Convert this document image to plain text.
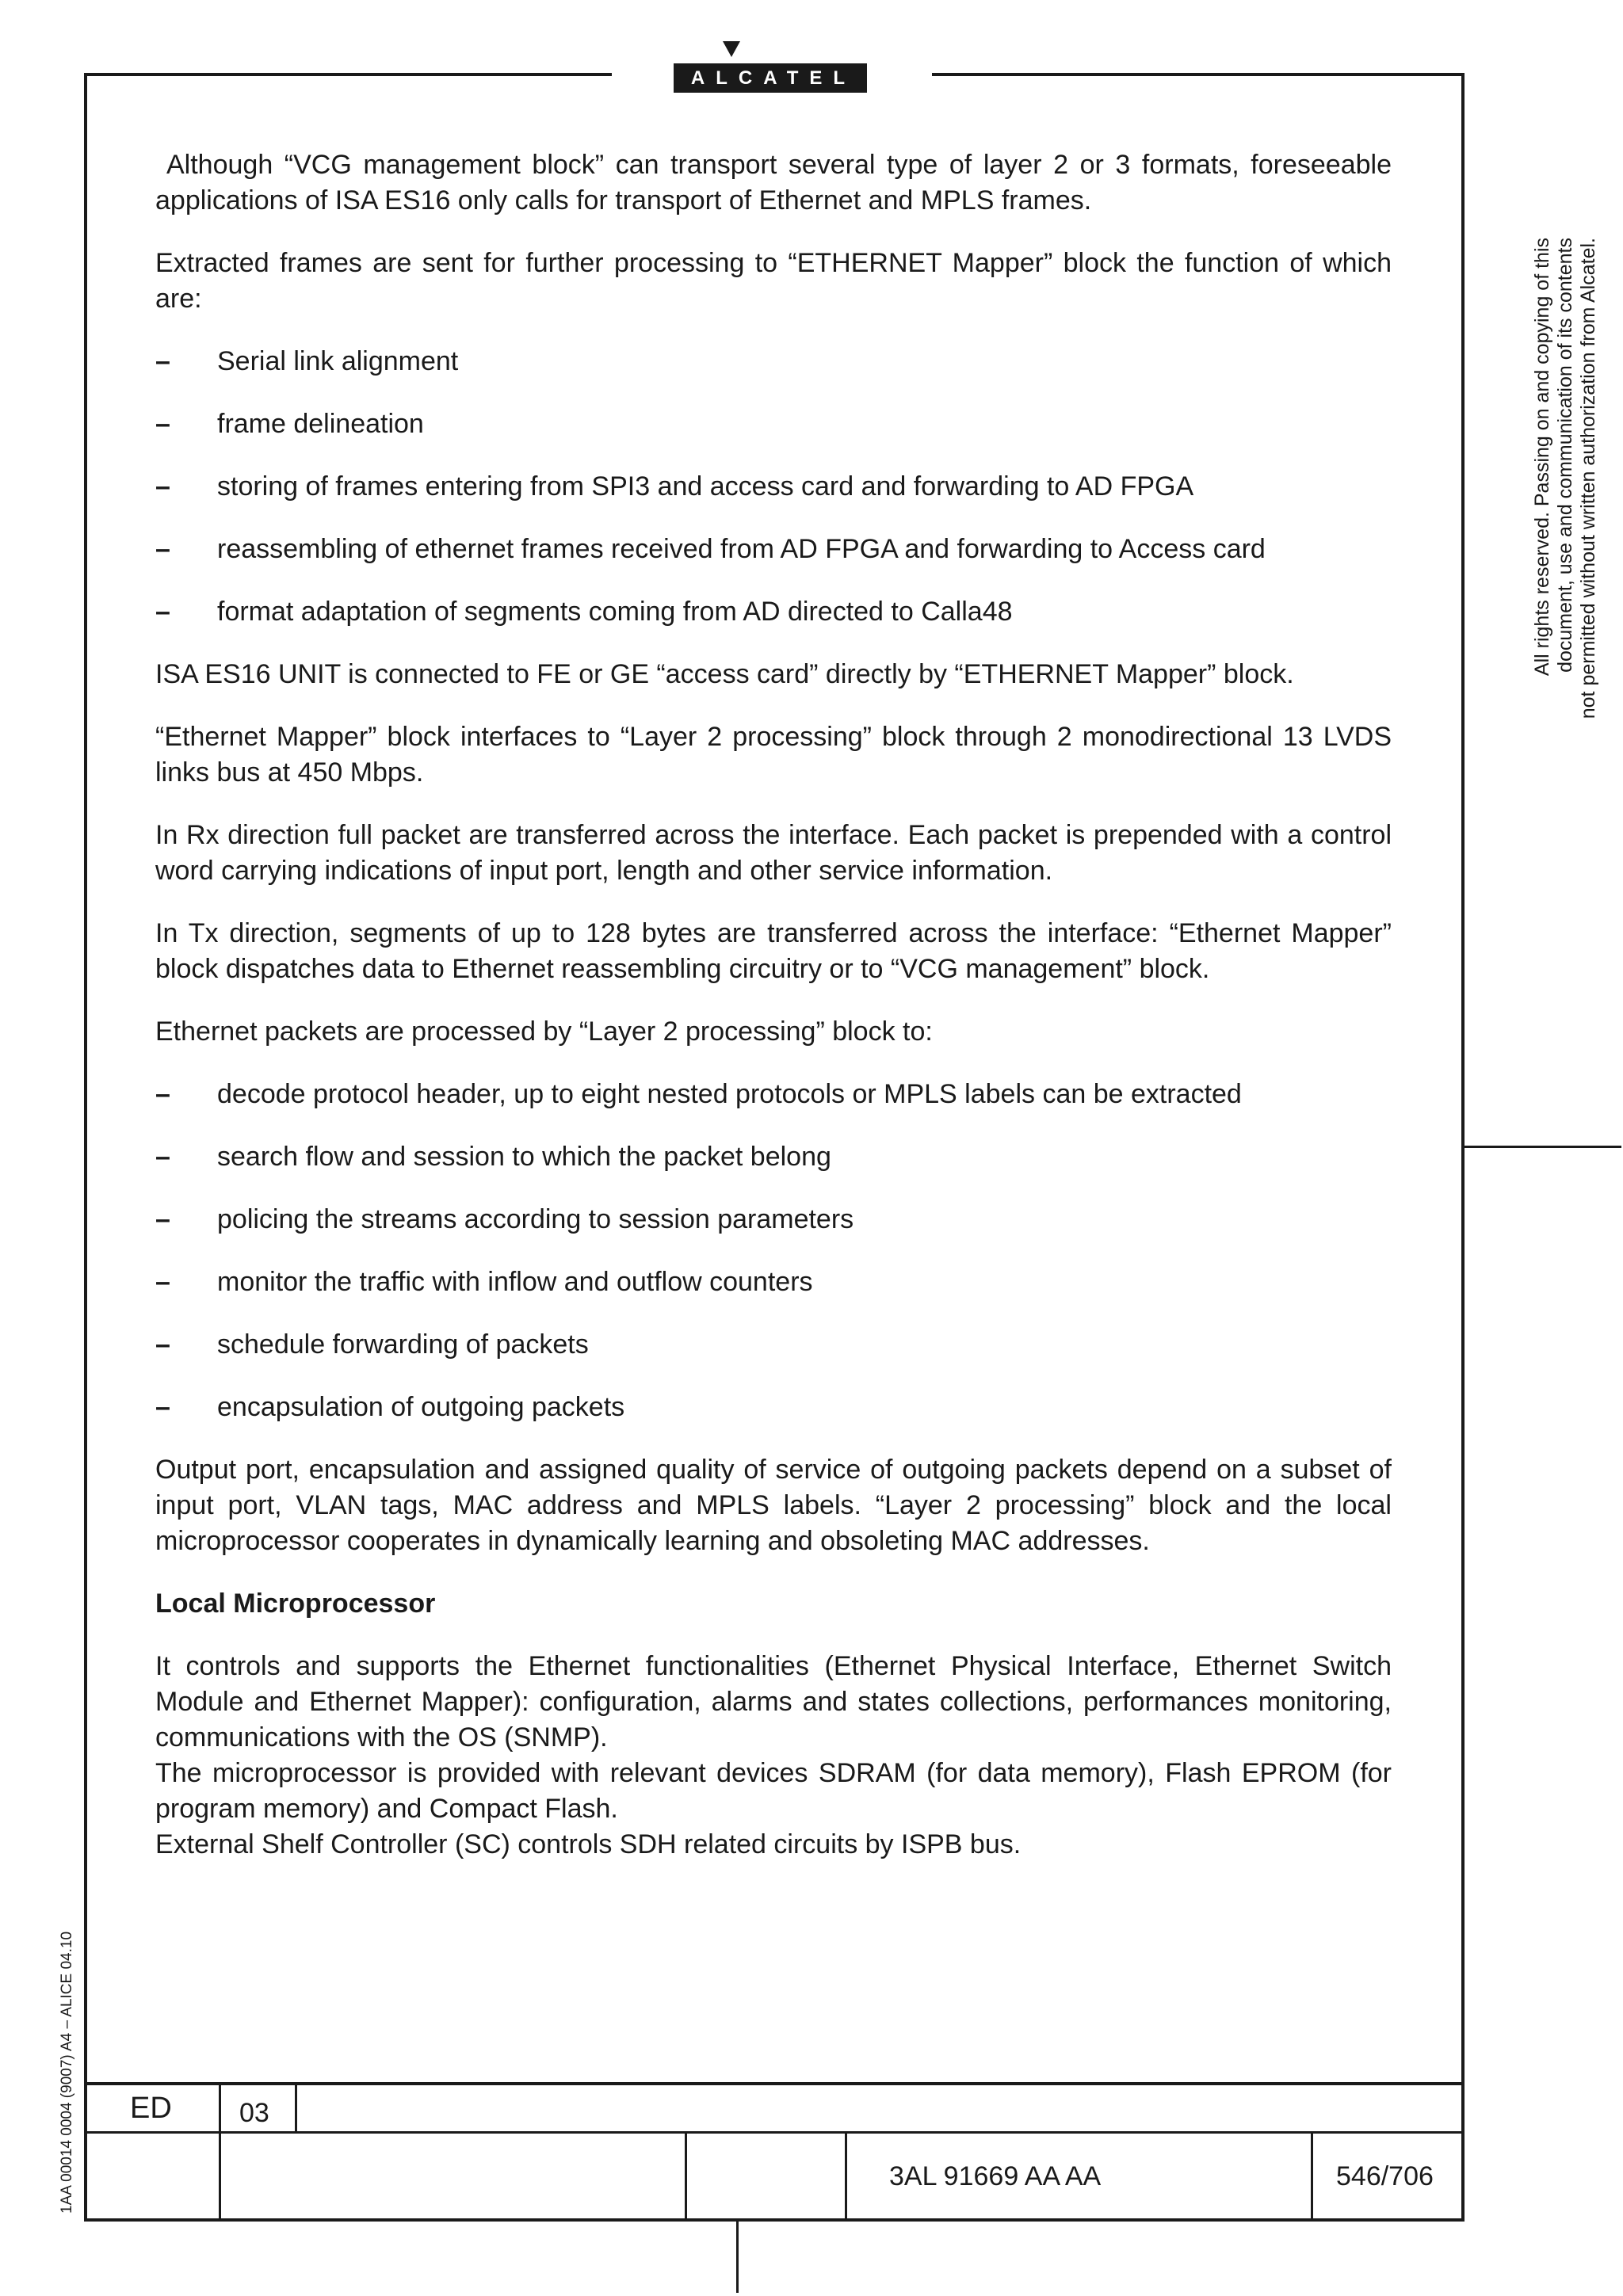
ALCATEL

Although “VCG management block” can transport several type of layer 2 or 3 formats, foreseeable applications of ISA ES16 only calls for transport of Ethernet and MPLS frames.

Extracted frames are sent for further processing to “ETHERNET Mapper” block the function of which are:

–	Serial link alignment
–	frame delineation
–	storing of frames entering from SPI3 and access card and forwarding to AD FPGA
–	reassembling of ethernet frames received from AD FPGA and forwarding to Access card
–	format adaptation of segments coming from AD directed to Calla48

ISA ES16 UNIT is connected to FE or GE “access card” directly by “ETHERNET Mapper” block.

“Ethernet Mapper” block interfaces to “Layer 2 processing” block through 2 monodirectional 13 LVDS links bus at 450 Mbps.

In Rx direction full packet are transferred across the interface. Each packet is prepended with a control word carrying indications of input port, length and other service information.

In Tx direction, segments of up to 128 bytes are transferred across the interface: “Ethernet Mapper” block dispatches data to Ethernet reassembling circuitry or to “VCG management” block.

Ethernet packets are processed by “Layer 2 processing” block to:

–	decode protocol header, up to eight nested protocols or MPLS labels can be extracted
–	search flow and session to which the packet belong
–	policing the streams according to session parameters
–	monitor the traffic with inflow and outflow counters
–	schedule forwarding of packets
–	encapsulation of outgoing packets

Output port, encapsulation and assigned quality of service of outgoing packets depend on a subset of input port, VLAN tags, MAC address and MPLS labels. “Layer 2 processing” block and the local microprocessor cooperates in dynamically learning and obsoleting MAC addresses.

Local Microprocessor

It controls and supports the Ethernet functionalities (Ethernet Physical Interface, Ethernet Switch Module and Ethernet Mapper): configuration, alarms and states collections, performances monitoring, communications with the OS (SNMP).

The microprocessor is provided with relevant devices SDRAM (for data memory), Flash EPROM (for program memory) and Compact Flash.

External Shelf Controller (SC) controls SDH related circuits by ISPB bus.

All rights reserved. Passing on and copying of this document, use and communication of its contents not permitted without written authorization from Alcatel.
1AA 00014 0004 (9007) A4 – ALICE 04.10 ED	03
3AL 91669 AA AA	546/706
